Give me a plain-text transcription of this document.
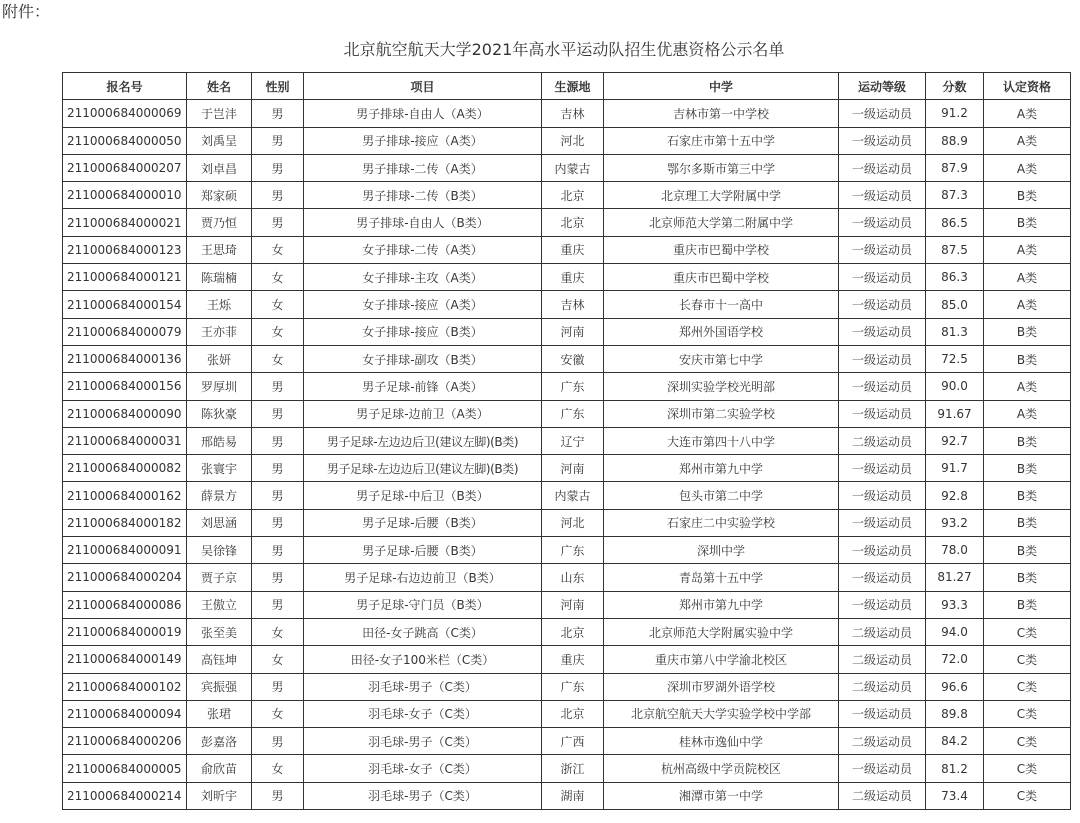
附件：
北京航空航天大学2021年高水平运动队招生优惠资格公示名单
报名号	姓名	性别	项目	生源地	中学	运动等级	分数	认定资格
211000684000069	于岂沣	男	男子排球-自由人（A类）	吉林	吉林市第一中学校	一级运动员	91.2	A类
211000684000050	刘禹呈	男	男子排球-接应（A类）	河北	石家庄市第十五中学	一级运动员	88.9	A类
211000684000207	刘卓昌	男	男子排球-二传（A类）	内蒙古	鄂尔多斯市第三中学	一级运动员	87.9	A类
211000684000010	郑家硕	男	男子排球-二传（B类）	北京	北京理工大学附属中学	一级运动员	87.3	B类
211000684000021	贾乃恒	男	男子排球-自由人（B类）	北京	北京师范大学第二附属中学	一级运动员	86.5	B类
211000684000123	王思琦	女	女子排球-二传（A类）	重庆	重庆市巴蜀中学校	一级运动员	87.5	A类
211000684000121	陈瑞楠	女	女子排球-主攻（A类）	重庆	重庆市巴蜀中学校	一级运动员	86.3	A类
211000684000154	王烁	女	女子排球-接应（A类）	吉林	长春市十一高中	一级运动员	85.0	A类
211000684000079	王亦菲	女	女子排球-接应（B类）	河南	郑州外国语学校	一级运动员	81.3	B类
211000684000136	张妍	女	女子排球-副攻（B类）	安徽	安庆市第七中学	一级运动员	72.5	B类
211000684000156	罗厚圳	男	男子足球-前锋（A类）	广东	深圳实验学校光明部	一级运动员	90.0	A类
211000684000090	陈狄豪	男	男子足球-边前卫（A类）	广东	深圳市第二实验学校	一级运动员	91.67	A类
211000684000031	邢皓易	男	男子足球-左边边后卫(建议左脚)(B类)	辽宁	大连市第四十八中学	二级运动员	92.7	B类
211000684000082	张寰宇	男	男子足球-左边边后卫(建议左脚)(B类)	河南	郑州市第九中学	一级运动员	91.7	B类
211000684000162	薛景方	男	男子足球-中后卫（B类）	内蒙古	包头市第二中学	一级运动员	92.8	B类
211000684000182	刘思涵	男	男子足球-后腰（B类）	河北	石家庄二中实验学校	一级运动员	93.2	B类
211000684000091	吴徐锋	男	男子足球-后腰（B类）	广东	深圳中学	一级运动员	78.0	B类
211000684000204	贾子京	男	男子足球-右边边前卫（B类）	山东	青岛第十五中学	一级运动员	81.27	B类
211000684000086	王傲立	男	男子足球-守门员（B类）	河南	郑州市第九中学	一级运动员	93.3	B类
211000684000019	张至美	女	田径-女子跳高（C类）	北京	北京师范大学附属实验中学	二级运动员	94.0	C类
211000684000149	高钰坤	女	田径-女子100米栏（C类）	重庆	重庆市第八中学渝北校区	二级运动员	72.0	C类
211000684000102	宾振强	男	羽毛球-男子（C类）	广东	深圳市罗湖外语学校	二级运动员	96.6	C类
211000684000094	张珺	女	羽毛球-女子（C类）	北京	北京航空航天大学实验学校中学部	一级运动员	89.8	C类
211000684000206	彭嘉洛	男	羽毛球-男子（C类）	广西	桂林市逸仙中学	二级运动员	84.2	C类
211000684000005	俞欣苗	女	羽毛球-女子（C类）	浙江	杭州高级中学贡院校区	一级运动员	81.2	C类
211000684000214	刘昕宇	男	羽毛球-男子（C类）	湖南	湘潭市第一中学	二级运动员	73.4	C类
